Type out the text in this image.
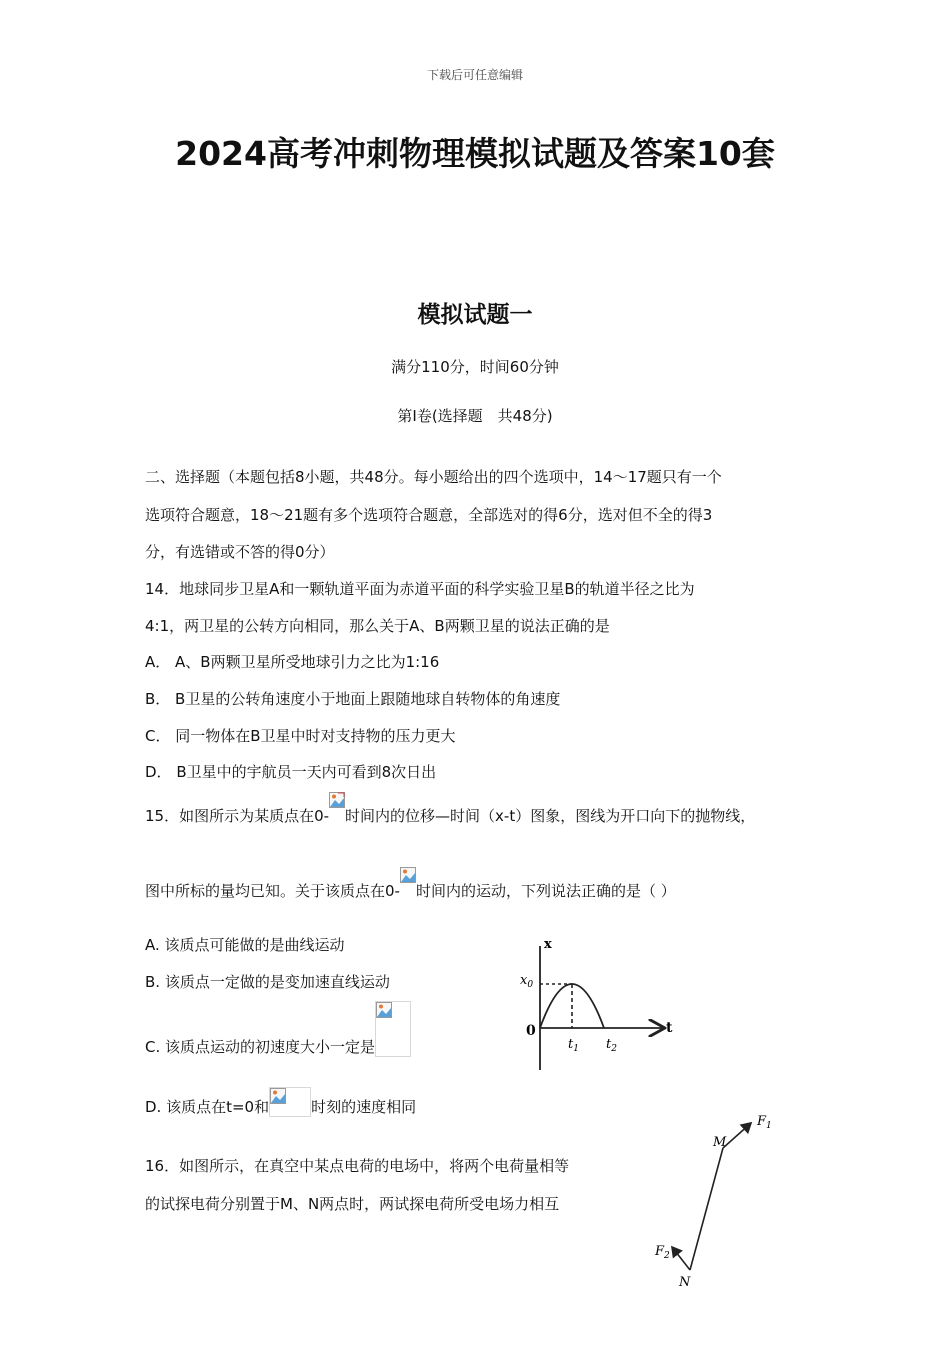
下载后可任意编辑
2024高考冲刺物理模拟试题及答案10套
模拟试题一
满分110分，时间60分钟
第Ⅰ卷(选择题　共48分)
二、选择题（本题包括8小题，共48分。每小题给出的四个选项中，14～17题只有一个
选项符合题意，18～21题有多个选项符合题意，全部选对的得6分，选对但不全的得3
分，有选错或不答的得0分）
14．地球同步卫星A和一颗轨道平面为赤道平面的科学实验卫星B的轨道半径之比为
4:1，两卫星的公转方向相同，那么关于A、B两颗卫星的说法正确的是
A． A、B两颗卫星所受地球引力之比为1:16
B． B卫星的公转角速度小于地面上跟随地球自转物体的角速度
C． 同一物体在B卫星中时对支持物的压力更大
D． B卫星中的宇航员一天内可看到8次日出
15．如图所示为某质点在0- 时间内的位移—时间（x-t）图象，图线为开口向下的抛物线，
图中所标的量均已知。关于该质点在0- 时间内的运动，下列说法正确的是（ ）
A. 该质点可能做的是曲线运动
B. 该质点一定做的是变加速直线运动
C. 该质点运动的初速度大小一定是
D. 该质点在t=0和	时刻的速度相同
x
t
$x_0$
0
$t_1$ $t_2$
16．如图所示，在真空中某点电荷的电场中，将两个电荷量相等
的试探电荷分别置于M、N两点时，两试探电荷所受电场力相互
M
N
$F_1$
$F_2$
